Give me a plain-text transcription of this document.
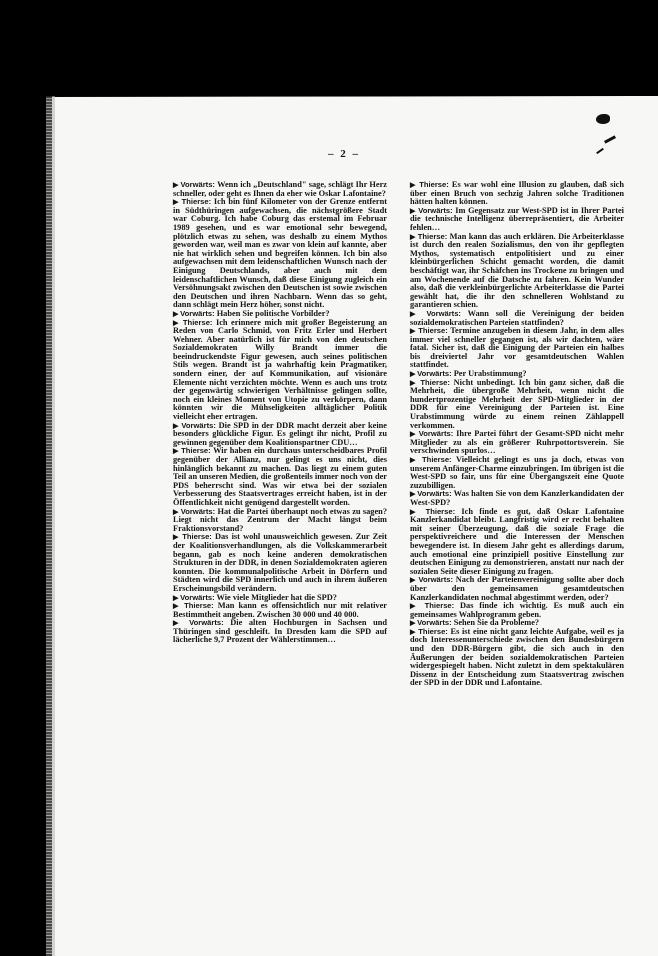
– 2 –

▶ Vorwärts: Wenn ich „Deutschland" sage, schlägt Ihr Herz schneller, oder geht es Ihnen da eher wie Oskar Lafontaine?

▶ Thierse: Ich bin fünf Kilometer von der Grenze entfernt in Südthüringen aufgewachsen, die nächstgrößere Stadt war Coburg. Ich habe Coburg das erstemal im Februar 1989 gesehen, und es war emotional sehr bewegend, plötzlich etwas zu sehen, was deshalb zu einem Mythos geworden war, weil man es zwar von klein auf kannte, aber nie hat wirklich sehen und begreifen können. Ich bin also aufgewachsen mit dem leidenschaftlichen Wunsch nach der Einigung Deutschlands, aber auch mit dem leidenschaftlichen Wunsch, daß diese Einigung zugleich ein Versöhnungsakt zwischen den Deutschen ist sowie zwischen den Deutschen und ihren Nachbarn. Wenn das so geht, dann schlägt mein Herz höher, sonst nicht.

▶ Vorwärts: Haben Sie politische Vorbilder?

▶ Thierse: Ich erinnere mich mit großer Begeisterung an Reden von Carlo Schmid, von Fritz Erler und Herbert Wehner. Aber natürlich ist für mich von den deutschen Sozialdemokraten Willy Brandt immer die beeindruckendste Figur gewesen, auch seines politischen Stils wegen. Brandt ist ja wahrhaftig kein Pragmatiker, sondern einer, der auf Kommunikation, auf visionäre Elemente nicht verzichten möchte. Wenn es auch uns trotz der gegenwärtig schwierigen Verhältnisse gelingen sollte, noch ein kleines Moment von Utopie zu verkörpern, dann könnten wir die Mühseligkeiten alltäglicher Politik vielleicht eher ertragen.

▶ Vorwärts: Die SPD in der DDR macht derzeit aber keine besonders glückliche Figur. Es gelingt ihr nicht, Profil zu gewinnen gegenüber dem Koalitionspartner CDU…

▶ Thierse: Wir haben ein durchaus unterscheidbares Profil gegenüber der Allianz, nur gelingt es uns nicht, dies hinlänglich bekannt zu machen. Das liegt zu einem guten Teil an unseren Medien, die großenteils immer noch von der PDS beherrscht sind. Was wir etwa bei der sozialen Verbesserung des Staatsvertrages erreicht haben, ist in der Öffentlichkeit nicht genügend dargestellt worden.

▶ Vorwärts: Hat die Partei überhaupt noch etwas zu sagen? Liegt nicht das Zentrum der Macht längst beim Fraktionsvorstand?

▶ Thierse: Das ist wohl unausweichlich gewesen. Zur Zeit der Koalitionsverhandlungen, als die Volkskammerarbeit begann, gab es noch keine anderen demokratischen Strukturen in der DDR, in denen Sozialdemokraten agieren konnten. Die kommunalpolitische Arbeit in Dörfern und Städten wird die SPD innerlich und auch in ihrem äußeren Erscheinungsbild verändern.

▶ Vorwärts: Wie viele Mitglieder hat die SPD?

▶ Thierse: Man kann es offensichtlich nur mit relativer Bestimmtheit angeben. Zwischen 30 000 und 40 000.

▶ Vorwärts: Die alten Hochburgen in Sachsen und Thüringen sind geschleift. In Dresden kam die SPD auf lächerliche 9,7 Prozent der Wählerstimmen…

▶ Thierse: Es war wohl eine Illusion zu glauben, daß sich über einen Bruch von sechzig Jahren solche Traditionen hätten halten können.

▶ Vorwärts: Im Gegensatz zur West-SPD ist in Ihrer Partei die technische Intelligenz überrepräsentiert, die Arbeiter fehlen…

▶ Thierse: Man kann das auch erklären. Die Arbeiterklasse ist durch den realen Sozialismus, den von ihr gepflegten Mythos, systematisch entpolitisiert und zu einer kleinbürgerlichen Schicht gemacht worden, die damit beschäftigt war, ihr Schäfchen ins Trockene zu bringen und am Wochenende auf die Datsche zu fahren. Kein Wunder also, daß die verkleinbürgerlichte Arbeiterklasse die Partei gewählt hat, die ihr den schnelleren Wohlstand zu garantieren schien.

▶ Vorwärts: Wann soll die Vereinigung der beiden sozialdemokratischen Parteien stattfinden?

▶ Thierse: Termine anzugeben in diesem Jahr, in dem alles immer viel schneller gegangen ist, als wir dachten, wäre fatal. Sicher ist, daß die Einigung der Parteien ein halbes bis dreiviertel Jahr vor gesamtdeutschen Wahlen stattfindet.

▶ Vorwärts: Per Urabstimmung?

▶ Thierse: Nicht unbedingt. Ich bin ganz sicher, daß die Mehrheit, die übergroße Mehrheit, wenn nicht die hundertprozentige Mehrheit der SPD-Mitglieder in der DDR für eine Vereinigung der Parteien ist. Eine Urabstimmung würde zu einem reinen Zählappell verkommen.

▶ Vorwärts: Ihre Partei führt der Gesamt-SPD nicht mehr Mitglieder zu als ein größerer Ruhrpottortsverein. Sie verschwinden spurlos…

▶ Thierse: Vielleicht gelingt es uns ja doch, etwas von unserem Anfänger-Charme einzubringen. Im übrigen ist die West-SPD so fair, uns für eine Übergangszeit eine Quote zuzubilligen.

▶ Vorwärts: Was halten Sie von dem Kanzlerkandidaten der West-SPD?

▶ Thierse: Ich finde es gut, daß Oskar Lafontaine Kanzlerkandidat bleibt. Langfristig wird er recht behalten mit seiner Überzeugung, daß die soziale Frage die perspektivreichere und die Interessen der Menschen bewegendere ist. In diesem Jahr geht es allerdings darum, auch emotional eine prinzipiell positive Einstellung zur deutschen Einigung zu demonstrieren, anstatt nur nach der sozialen Seite dieser Einigung zu fragen.

▶ Vorwärts: Nach der Parteienvereinigung sollte aber doch über den gemeinsamen gesamtdeutschen Kanzlerkandidaten nochmal abgestimmt werden, oder?

▶ Thierse: Das finde ich wichtig. Es muß auch ein gemeinsames Wahlprogramm geben.

▶ Vorwärts: Sehen Sie da Probleme?

▶ Thierse: Es ist eine nicht ganz leichte Aufgabe, weil es ja doch Interessenunterschiede zwischen den Bundesbürgern und den DDR-Bürgern gibt, die sich auch in den Äußerungen der beiden sozialdemokratischen Parteien widergespiegelt haben. Nicht zuletzt in dem spektakulären Dissenz in der Entscheidung zum Staatsvertrag zwischen der SPD in der DDR und Lafontaine.
